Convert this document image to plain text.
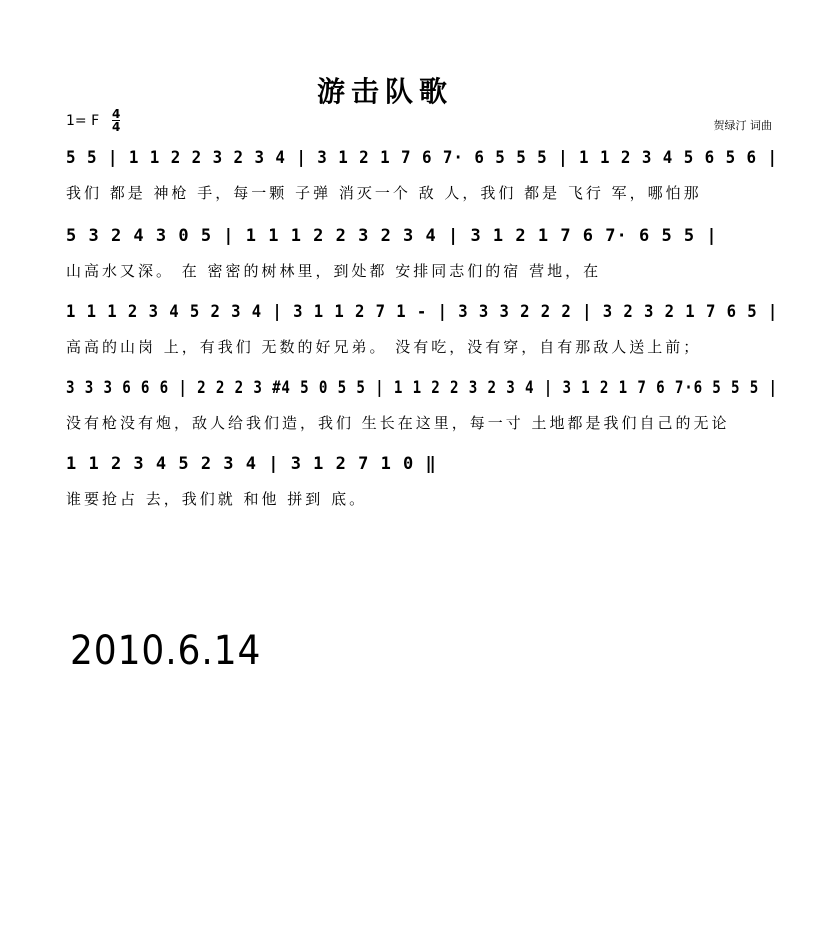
游击队歌
1= F 4
4	贺绿汀 词曲
5 5 | 1 1 2 2 3 2 3 4 | 3 1 2 1 7 6 7· 6 5 5 5 | 1 1 2 3 4 5 6 5 6 |
我们 都是 神枪 手，每一颗 子弹 消灭一个 敌 人，我们 都是 飞行 军，哪怕那
5 3 2 4 3 0 5 | 1 1 1 2 2 3 2 3 4 | 3 1 2 1 7 6 7· 6 5 5 |
山高水又深。 在 密密的树林里，到处都 安排同志们的宿 营地，在
1 1 1 2 3 4 5 2 3 4 | 3 1 1 2 7 1 - | 3 3 3 2 2 2 | 3 2 3 2 1 7 6 5 |
高高的山岗 上，有我们 无数的好兄弟。 没有吃，没有穿，自有那敌人送上前；
3 3 3 6 6 6 | 2 2 2 3 #4 5 0 5 5 | 1 1 2 2 3 2 3 4 | 3 1 2 1 7 6 7·6 5 5 5 |
没有枪没有炮，敌人给我们造，我们 生长在这里，每一寸 土地都是我们自己的无论
1 1 2 3 4 5 2 3 4 | 3 1 2 7 1 0 ‖
谁要抢占 去，我们就 和他 拼到 底。
2010.6.14
